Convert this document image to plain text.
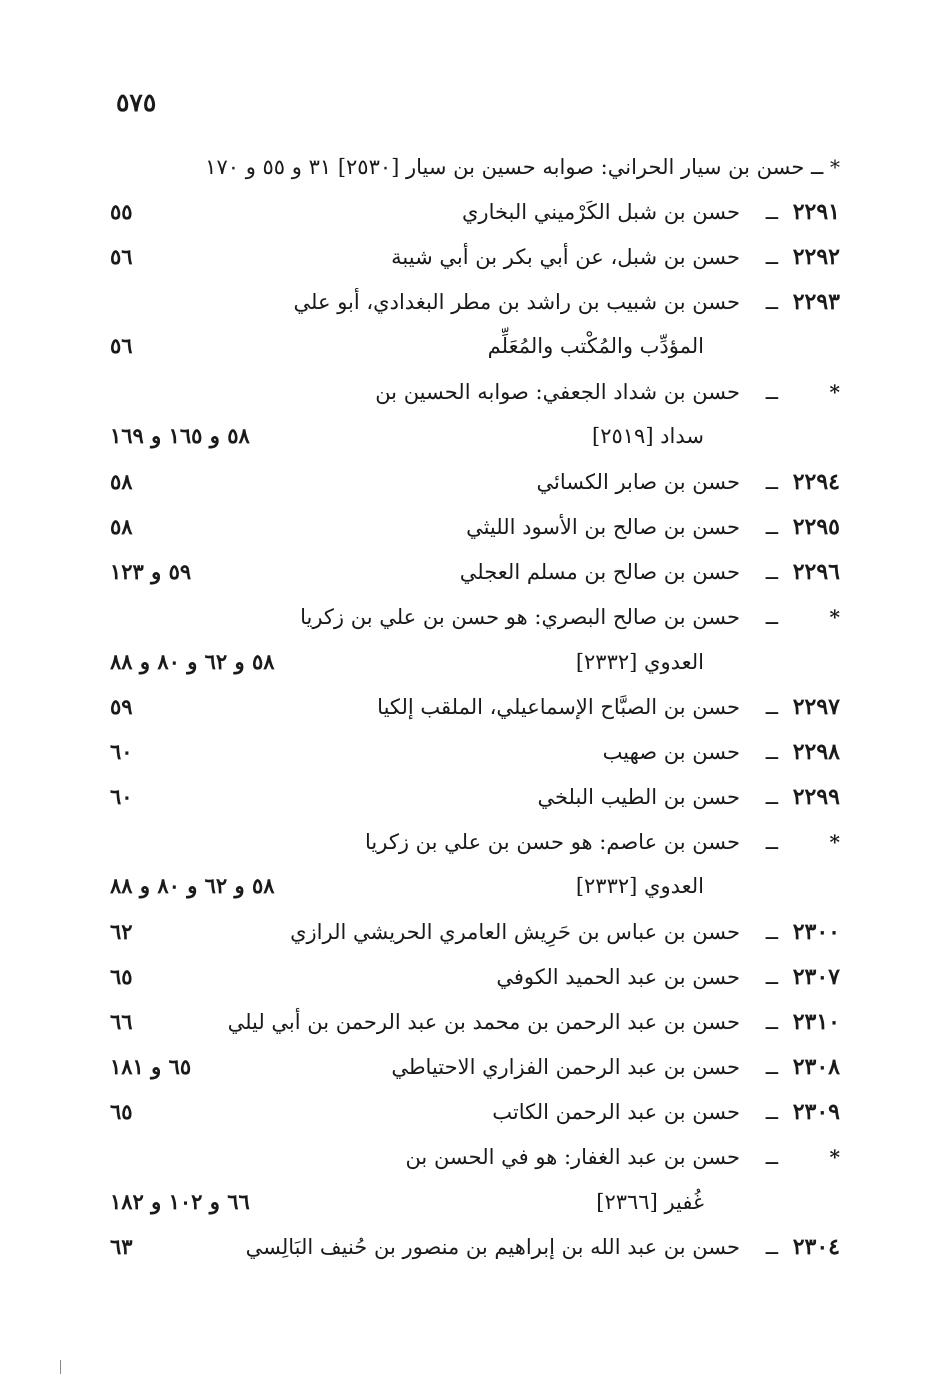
٥٧٥
* ــ حسن بن سيار الحراني: صوابه حسين بن سيار [٢٥٣٠] ٣١ و ٥٥ و ١٧٠
٢٢٩١
ــ
حسن بن شبل الكَرْميني البخاري
٥٥
٢٢٩٢
ــ
حسن بن شبل، عن أبي بكر بن أبي شيبة
٥٦
٢٢٩٣
ــ
حسن بن شبيب بن راشد بن مطر البغدادي، أبو علي
المؤدِّب والمُكْتب والمُعَلِّم
٥٦
*
ــ
حسن بن شداد الجعفي: صوابه الحسين بن
سداد [٢٥١٩]
٥٨ و ١٦٥ و ١٦٩
٢٢٩٤
ــ
حسن بن صابر الكسائي
٥٨
٢٢٩٥
ــ
حسن بن صالح بن الأسود الليثي
٥٨
٢٢٩٦
ــ
حسن بن صالح بن مسلم العجلي
٥٩ و ١٢٣
*
ــ
حسن بن صالح البصري: هو حسن بن علي بن زكريا
العدوي [٢٣٣٢]
٥٨ و ٦٢ و ٨٠ و ٨٨
٢٢٩٧
ــ
حسن بن الصبَّاح الإسماعيلي، الملقب إلكيا
٥٩
٢٢٩٨
ــ
حسن بن صهيب
٦٠
٢٢٩٩
ــ
حسن بن الطيب البلخي
٦٠
*
ــ
حسن بن عاصم: هو حسن بن علي بن زكريا
العدوي [٢٣٣٢]
٥٨ و ٦٢ و ٨٠ و ٨٨
٢٣٠٠
ــ
حسن بن عباس بن حَرِيش العامري الحريشي الرازي
٦٢
٢٣٠٧
ــ
حسن بن عبد الحميد الكوفي
٦٥
٢٣١٠
ــ
حسن بن عبد الرحمن بن محمد بن عبد الرحمن بن أبي ليلي
٦٦
٢٣٠٨
ــ
حسن بن عبد الرحمن الفزاري الاحتياطي
٦٥ و ١٨١
٢٣٠٩
ــ
حسن بن عبد الرحمن الكاتب
٦٥
*
ــ
حسن بن عبد الغفار: هو في الحسن بن
غُفير [٢٣٦٦]
٦٦ و ١٠٢ و ١٨٢
٢٣٠٤
ــ
حسن بن عبد الله بن إبراهيم بن منصور بن حُنيف البَالِسي
٦٣
